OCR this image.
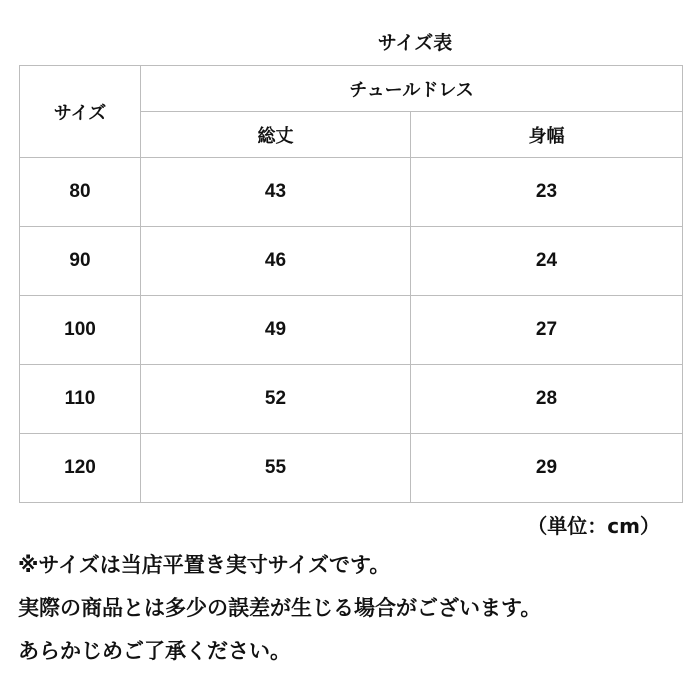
サイズ表
サイズ	チュールドレス	
	総丈	身幅
80	43	23
90	46	24
100	49	27
110	52	28
120	55	29
（単位：cm）
※サイズは当店平置き実寸サイズです。
実際の商品とは多少の誤差が生じる場合がございます。
あらかじめご了承ください。
